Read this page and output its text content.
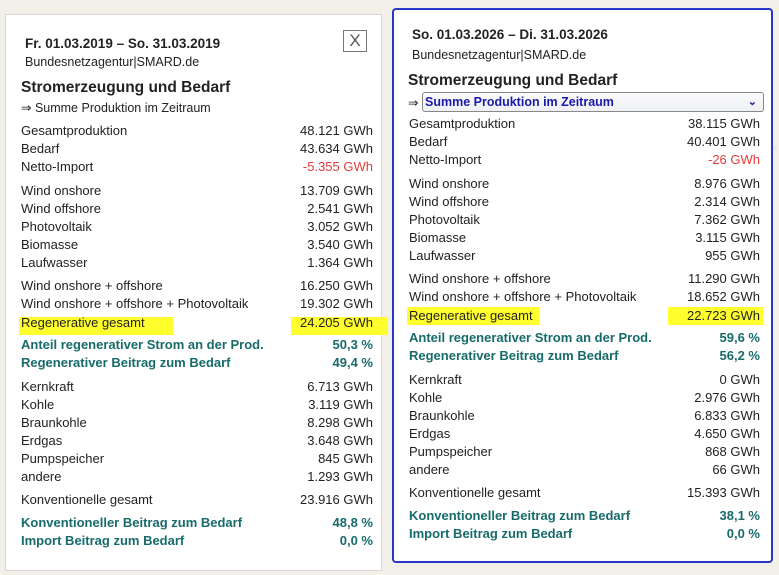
Fr. 01.03.2019 – So. 31.03.2019
Bundesnetzagentur|SMARD.de
X
Stromerzeugung und Bedarf
⇒ Summe Produktion im Zeitraum
Gesamtproduktion	48.121 GWh
Bedarf	43.634 GWh
Netto-Import	-5.355 GWh
Wind onshore	13.709 GWh
Wind offshore	2.541 GWh
Photovoltaik	3.052 GWh
Biomasse	3.540 GWh
Laufwasser	1.364 GWh
Wind onshore + offshore	16.250 GWh
Wind onshore + offshore + Photovoltaik	19.302 GWh
Regenerative gesamt	24.205 GWh
Anteil regenerativer Strom an der Prod.	50,3 %
Regenerativer Beitrag zum Bedarf	49,4 %
Kernkraft	6.713 GWh
Kohle	3.119 GWh
Braunkohle	8.298 GWh
Erdgas	3.648 GWh
Pumpspeicher	845 GWh
andere	1.293 GWh
Konventionelle gesamt	23.916 GWh
Konventioneller Beitrag zum Bedarf	48,8 %
Import Beitrag zum Bedarf	0,0 %
So. 01.03.2026 – Di. 31.03.2026
Bundesnetzagentur|SMARD.de
Stromerzeugung und Bedarf
⇒ Summe Produktion im Zeitraum	⌄
Gesamtproduktion	38.115 GWh
Bedarf	40.401 GWh
Netto-Import	-26 GWh
Wind onshore	8.976 GWh
Wind offshore	2.314 GWh
Photovoltaik	7.362 GWh
Biomasse	3.115 GWh
Laufwasser	955 GWh
Wind onshore + offshore	11.290 GWh
Wind onshore + offshore + Photovoltaik	18.652 GWh
Regenerative gesamt	22.723 GWh
Anteil regenerativer Strom an der Prod.	59,6 %
Regenerativer Beitrag zum Bedarf	56,2 %
Kernkraft	0 GWh
Kohle	2.976 GWh
Braunkohle	6.833 GWh
Erdgas	4.650 GWh
Pumpspeicher	868 GWh
andere	66 GWh
Konventionelle gesamt	15.393 GWh
Konventioneller Beitrag zum Bedarf	38,1 %
Import Beitrag zum Bedarf	0,0 %
